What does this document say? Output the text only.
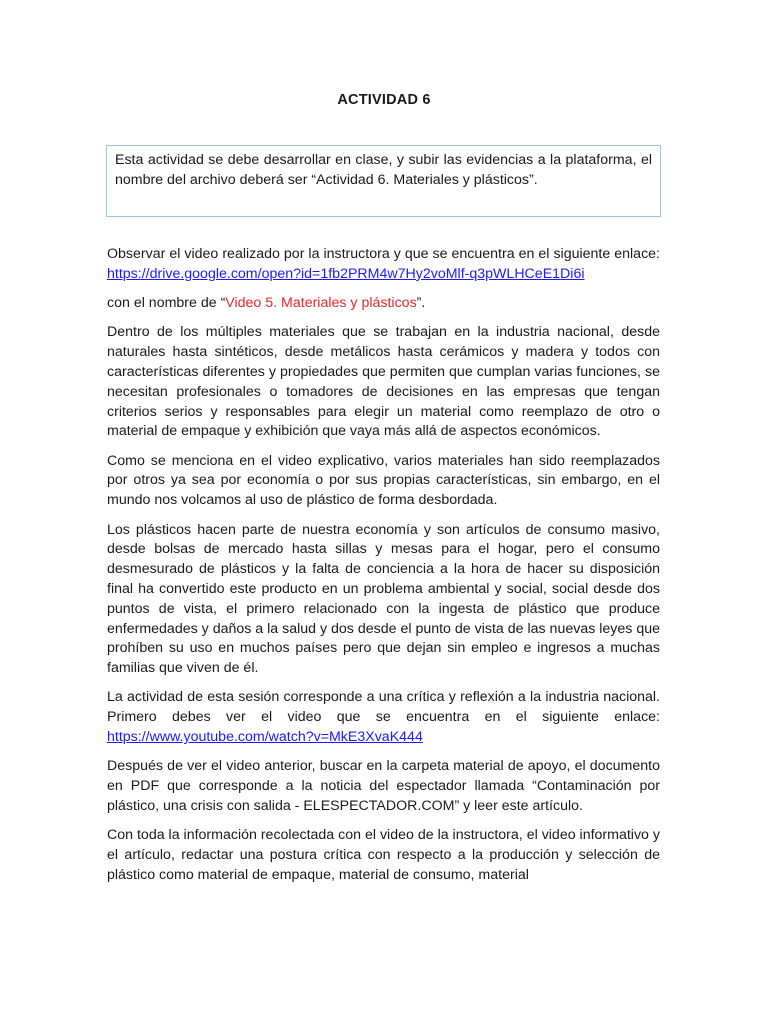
ACTIVIDAD 6
Esta actividad se debe desarrollar en clase, y subir las evidencias a la plataforma, el nombre del archivo deberá ser “Actividad 6. Materiales y plásticos”.

Observar el video realizado por la instructora y que se encuentra en el siguiente enlace: https://drive.google.com/open?id=1fb2PRM4w7Hy2voMlf-q3pWLHCeE1Di6i

con el nombre de “Video 5. Materiales y plásticos”.

Dentro de los múltiples materiales que se trabajan en la industria nacional, desde naturales hasta sintéticos, desde metálicos hasta cerámicos y madera y todos con características diferentes y propiedades que permiten que cumplan varias funciones, se necesitan profesionales o tomadores de decisiones en las empresas que tengan criterios serios y responsables para elegir un material como reemplazo de otro o material de empaque y exhibición que vaya más allá de aspectos económicos.

Como se menciona en el video explicativo, varios materiales han sido reemplazados por otros ya sea por economía o por sus propias características, sin embargo, en el mundo nos volcamos al uso de plástico de forma desbordada.

Los plásticos hacen parte de nuestra economía y son artículos de consumo masivo, desde bolsas de mercado hasta sillas y mesas para el hogar, pero el consumo desmesurado de plásticos y la falta de conciencia a la hora de hacer su disposición final ha convertido este producto en un problema ambiental y social, social desde dos puntos de vista, el primero relacionado con la ingesta de plástico que produce enfermedades y daños a la salud y dos desde el punto de vista de las nuevas leyes que prohíben su uso en muchos países pero que dejan sin empleo e ingresos a muchas familias que viven de él.

La actividad de esta sesión corresponde a una crítica y reflexión a la industria nacional. Primero debes ver el video que se encuentra en el siguiente enlace: https://www.youtube.com/watch?v=MkE3XvaK444

Después de ver el video anterior, buscar en la carpeta material de apoyo, el documento en PDF que corresponde a la noticia del espectador llamada “Contaminación por plástico, una crisis con salida - ELESPECTADOR.COM” y leer este artículo.

Con toda la información recolectada con el video de la instructora, el video informativo y el artículo, redactar una postura crítica con respecto a la producción y selección de plástico como material de empaque, material de consumo, material
